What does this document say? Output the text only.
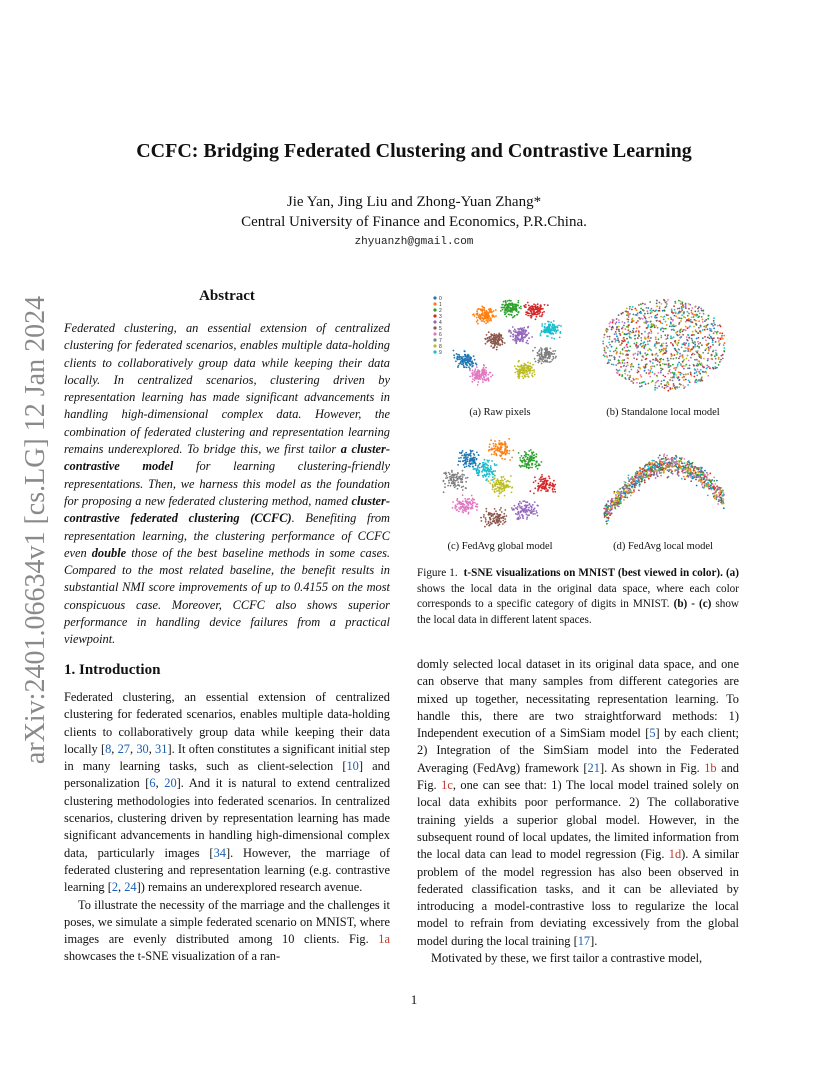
arXiv:2401.06634v1 [cs.LG] 12 Jan 2024
CCFC: Bridging Federated Clustering and Contrastive Learning
Jie Yan, Jing Liu and Zhong-Yuan Zhang*
Central University of Finance and Economics, P.R.China.
zhyuanzh@gmail.com
Abstract
Federated clustering, an essential extension of centralized clustering for federated scenarios, enables multiple data-holding clients to collaboratively group data while keeping their data locally. In centralized scenarios, clustering driven by representation learning has made significant advancements in handling high-dimensional complex data. However, the combination of federated clustering and representation learning remains underexplored. To bridge this, we first tailor a cluster-contrastive model for learning clustering-friendly representations. Then, we harness this model as the foundation for proposing a new federated clustering method, named cluster-contrastive federated clustering (CCFC). Benefiting from representation learning, the clustering performance of CCFC even double those of the best baseline methods in some cases. Compared to the most related baseline, the benefit results in substantial NMI score improvements of up to 0.4155 on the most conspicuous case. Moreover, CCFC also shows superior performance in handling device failures from a practical viewpoint.
0
1
2
3
4
5
6
7
8
9
(a) Raw pixels	(b) Standalone local model
(c) FedAvg global model	(d) FedAvg local model
Figure 1. t-SNE visualizations on MNIST (best viewed in color). (a) shows the local data in the original data space, where each color corresponds to a specific category of digits in MNIST. (b) - (c) show the local data in different latent spaces.
1. Introduction

Federated clustering, an essential extension of centralized clustering for federated scenarios, enables multiple data-holding clients to collaboratively group data while keeping their data locally [8, 27, 30, 31]. It often constitutes a significant initial step in many learning tasks, such as client-selection [10] and personalization [6, 20]. And it is natural to extend centralized clustering methodologies into federated scenarios. In centralized scenarios, clustering driven by representation learning has made significant advancements in handling high-dimensional complex data, particularly images [34]. However, the marriage of federated clustering and representation learning (e.g. contrastive learning [2, 24]) remains an underexplored research avenue.

To illustrate the necessity of the marriage and the challenges it poses, we simulate a simple federated scenario on MNIST, where images are evenly distributed among 10 clients. Fig. 1a showcases the t-SNE visualization of a ran-

domly selected local dataset in its original data space, and one can observe that many samples from different categories are mixed up together, necessitating representation learning. To handle this, there are two straightforward methods: 1) Independent execution of a SimSiam model [5] by each client; 2) Integration of the SimSiam model into the Federated Averaging (FedAvg) framework [21]. As shown in Fig. 1b and Fig. 1c, one can see that: 1) The local model trained solely on local data exhibits poor performance. 2) The collaborative training yields a superior global model. However, in the subsequent round of local updates, the limited information from the local data can lead to model regression (Fig. 1d). A similar problem of the model regression has also been observed in federated classification tasks, and it can be alleviated by introducing a model-contrastive loss to regularize the local model to refrain from deviating excessively from the global model during the local training [17].

Motivated by these, we first tailor a contrastive model,

1
